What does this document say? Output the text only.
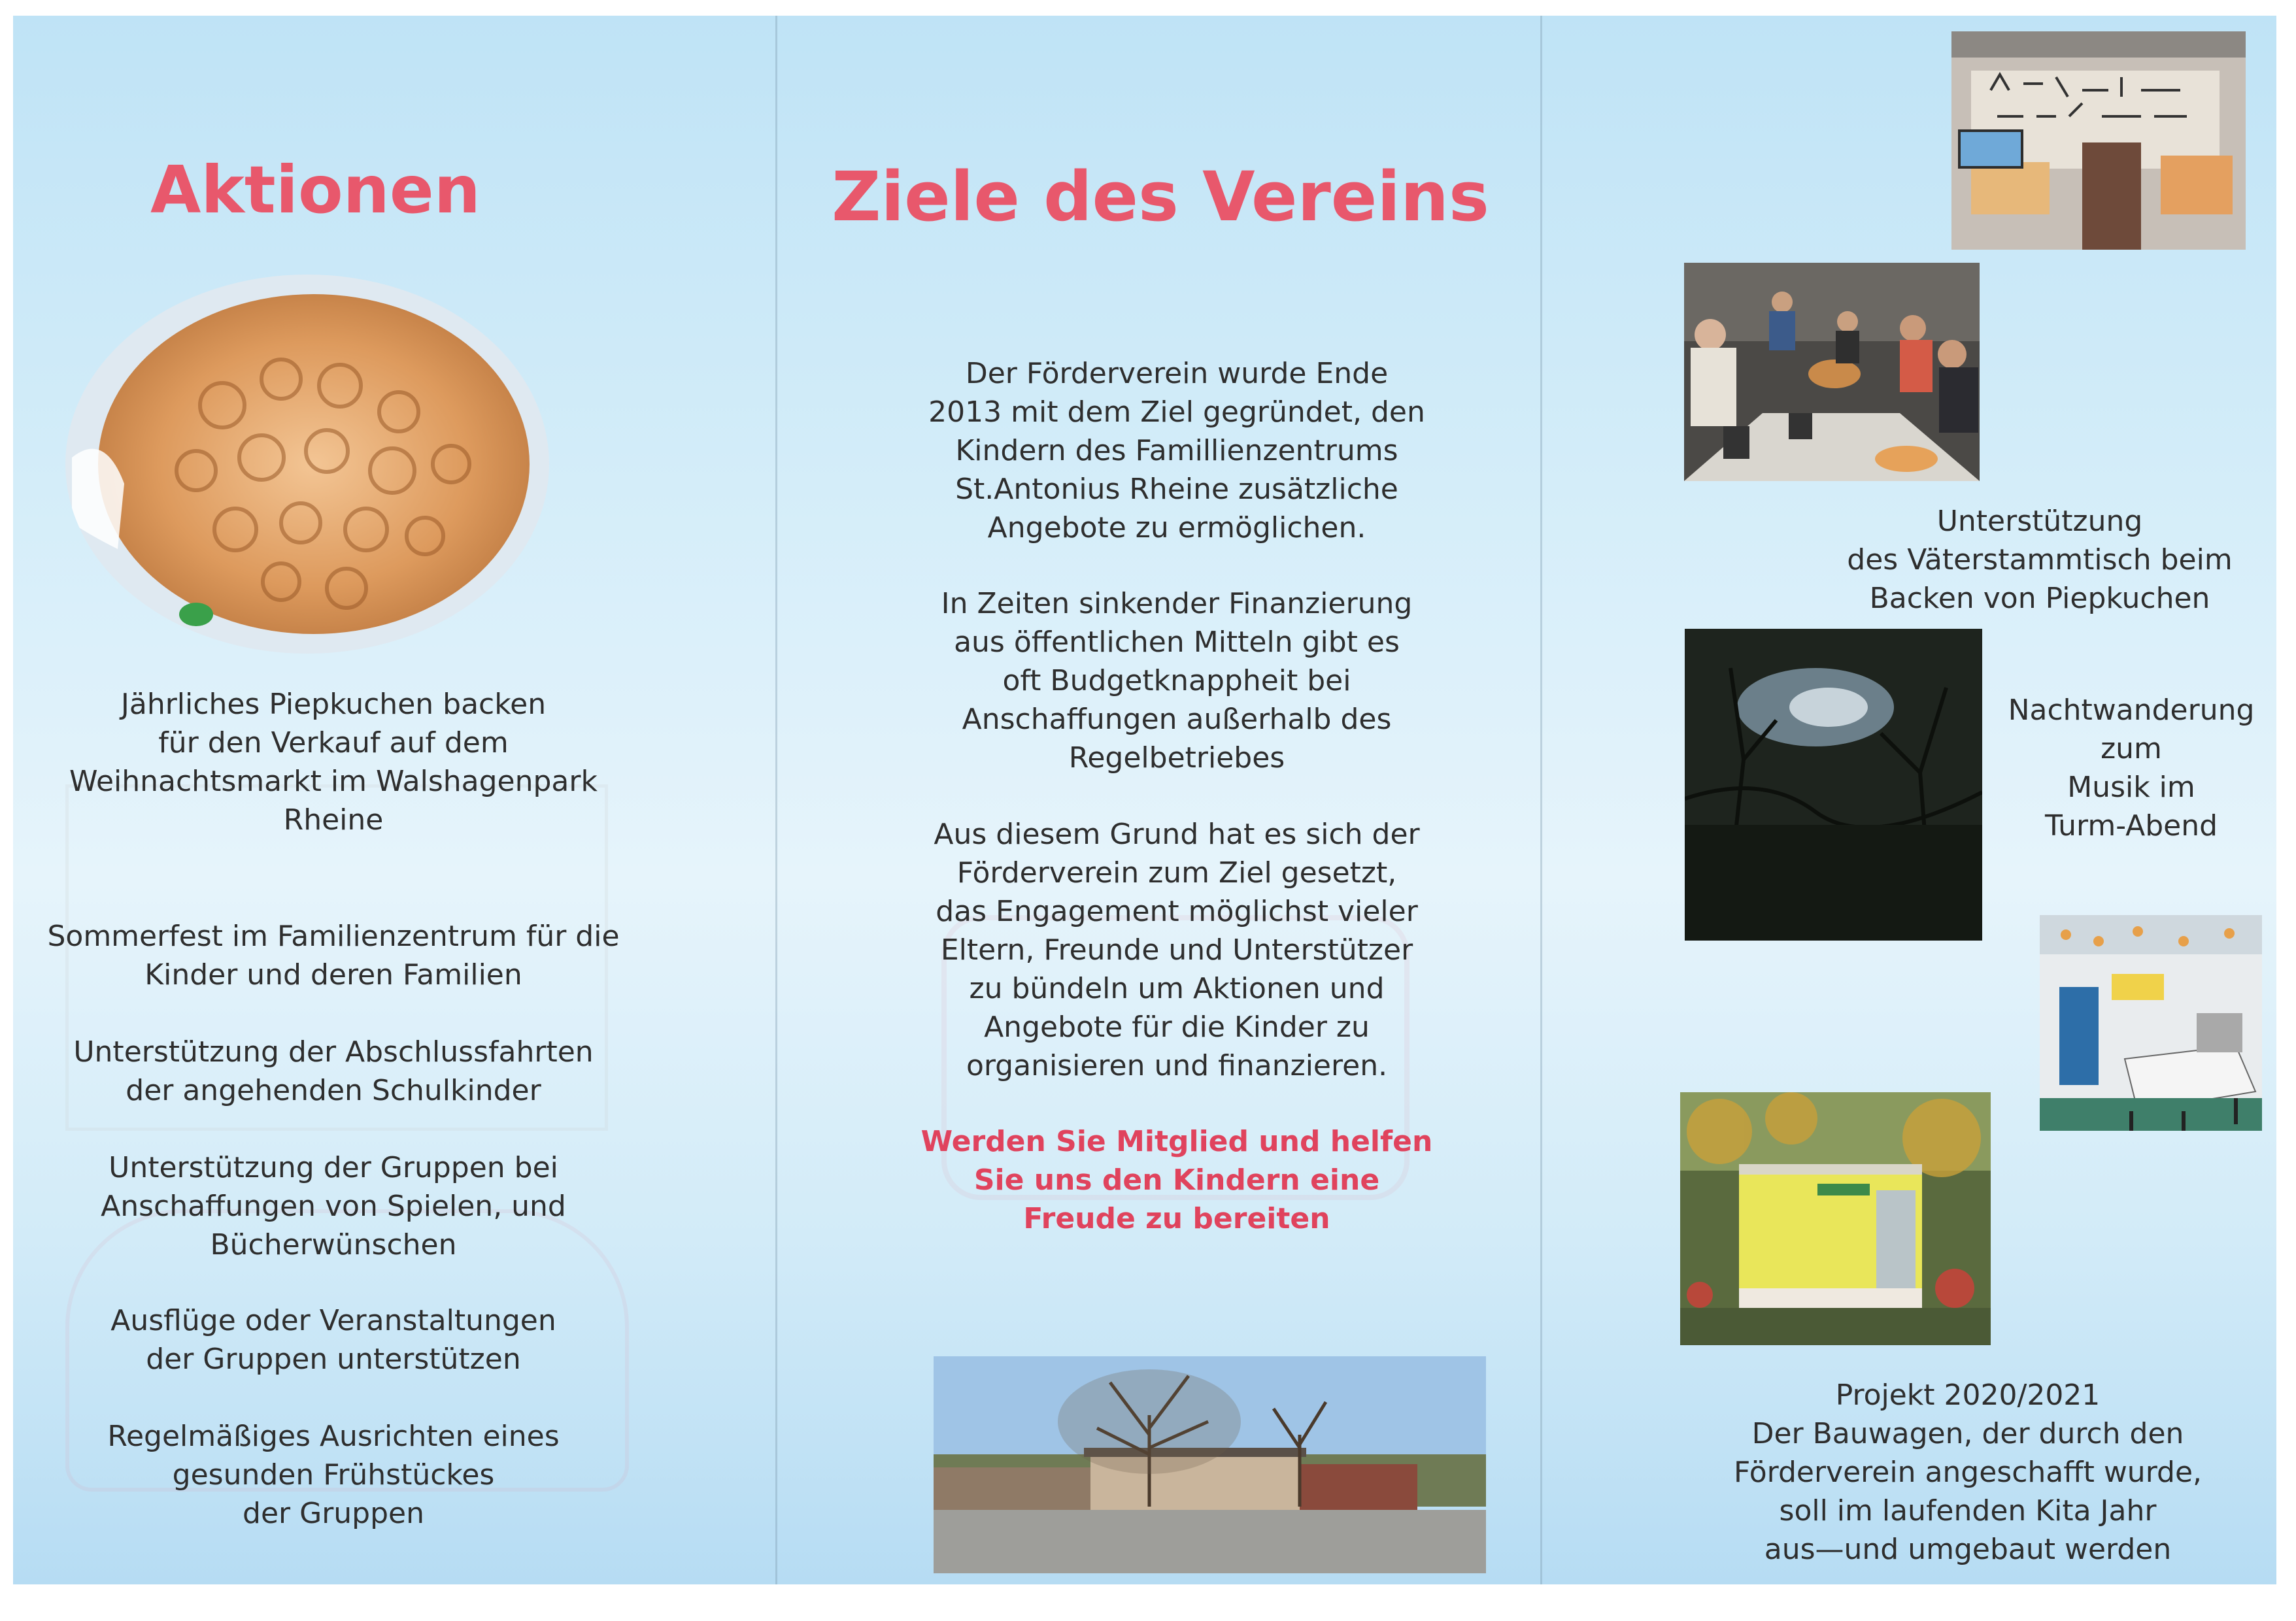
Aktionen
Jährliches Piepkuchen backen
für den Verkauf auf dem
Weihnachtsmarkt im Walshagenpark
Rheine
Sommerfest im Familienzentrum für die
Kinder und deren Familien
Unterstützung der Abschlussfahrten
der angehenden Schulkinder
Unterstützung der Gruppen bei
Anschaffungen von Spielen, und
Bücherwünschen
Ausflüge oder Veranstaltungen
der Gruppen unterstützen
Regelmäßiges Ausrichten eines
gesunden Frühstückes
der Gruppen
Ziele des Vereins
Der Förderverein wurde Ende
2013 mit dem Ziel gegründet, den
Kindern des Famillienzentrums
St.Antonius Rheine zusätzliche
Angebote zu ermöglichen.
In Zeiten sinkender Finanzierung
aus öffentlichen Mitteln gibt es
oft Budgetknappheit bei
Anschaffungen außerhalb des
Regelbetriebes
Aus diesem Grund hat es sich der
Förderverein zum Ziel gesetzt,
das Engagement möglichst vieler
Eltern, Freunde und Unterstützer
zu bündeln um Aktionen und
Angebote für die Kinder zu
organisieren und finanzieren.
Werden Sie Mitglied und helfen
Sie uns den Kindern eine
Freude zu bereiten
Unterstützung
des Väterstammtisch beim
Backen von Piepkuchen
Nachtwanderung
zum
Musik im
Turm-Abend
Projekt 2020/2021
Der Bauwagen, der durch den
Förderverein angeschafft wurde,
soll im laufenden Kita Jahr
aus—und umgebaut werden
